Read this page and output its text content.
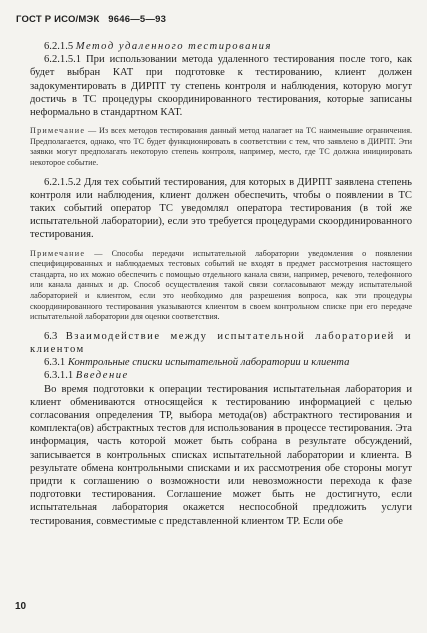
ГОСТ Р ИСО/МЭК 9646—5—93

6.2.1.5 Метод удаленного тестирования

6.2.1.5.1 При использовании метода удаленного тестирования после того, как будет выбран КАТ при подготовке к тестированию, клиент должен задокументировать в ДИРПТ ту степень контроля и наблюдения, которую могут достичь в ТС процедуры скоординированного тестирования, которые записаны неформально в стандартном КАТ.

Примечание — Из всех методов тестирования данный метод налагает на ТС наименьшие ограничения. Предполагается, однако, что ТС будет функционировать в соответствии с тем, что заявлено в ДИРПТ. Эти заявки могут предполагать некоторую степень контроля, например, место, где ТС должна инициировать некоторое событие.

6.2.1.5.2 Для тех событий тестирования, для которых в ДИРПТ заявлена степень контроля или наблюдения, клиент должен обеспечить, чтобы о появлении в ТС таких событий оператор ТС уведомлял оператора тестирования (в той же испытательной лаборатории), если это требуется процедурами скоординированного тестирования.

Примечание — Способы передачи испытательной лаборатории уведомления о появлении специфицированных и наблюдаемых тестовых событий не входят в предмет рассмотрения настоящего стандарта, но их можно обеспечить с помощью отдельного канала связи, например, речевого, телефонного или канала данных и др. Способ осуществления такой связи согласовывают между испытательной лабораторией и клиентом, если это необходимо для разрешения вопроса, как эти процедуры скоординированного тестирования указываются клиентом в своем контрольном списке при его передаче испытательной лаборатории для оценки соответствия.

6.3 Взаимодействие между испытательной лабораторией и клиентом

6.3.1 Контрольные списки испытательной лаборатории и клиента

6.3.1.1 Введение

Во время подготовки к операции тестирования испытательная лаборатория и клиент обмениваются относящейся к тестированию информацией с целью согласования определения ТР, выбора метода(ов) абстрактного тестирования и комплекта(ов) абстрактных тестов для использования в процессе тестирования. Эта информация, часть которой может быть собрана в результате обсуждений, записывается в контрольных списках испытательной лаборатории и клиента. В результате обмена контрольными списками и их рассмотрения обе стороны могут придти к соглашению о возможности или невозможности перехода к фазе подготовки тестирования. Соглашение может быть не достигнуто, если испытательная лаборатория окажется неспособной предложить услуги тестирования, совместимые с представленной клиентом ТР. Если обе

10
